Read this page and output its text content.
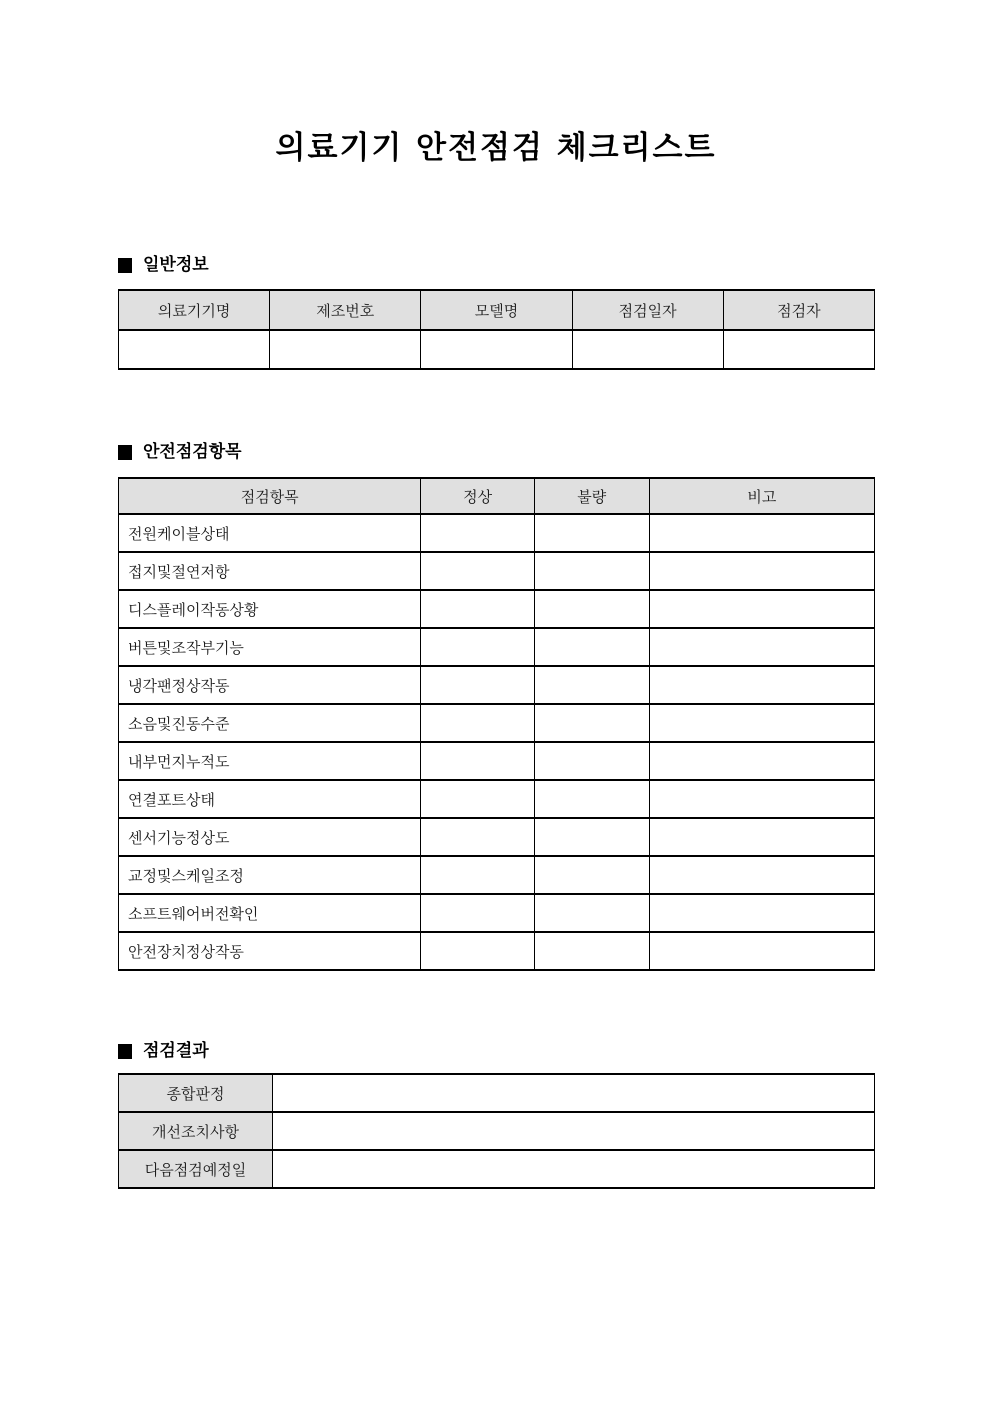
의료기기 안전점검 체크리스트
일반정보
의료기기명	제조번호	모델명	점검일자	점검자

안전점검항목
점검항목	정상	불량	비고
전원케이블상태			
접지및절연저항			
디스플레이작동상황			
버튼및조작부기능			
냉각팬정상작동			
소음및진동수준			
내부먼지누적도			
연결포트상태			
센서기능정상도			
교정및스케일조정			
소프트웨어버전확인			
안전장치정상작동			
점검결과
종합판정	
개선조치사항	
다음점검예정일	
